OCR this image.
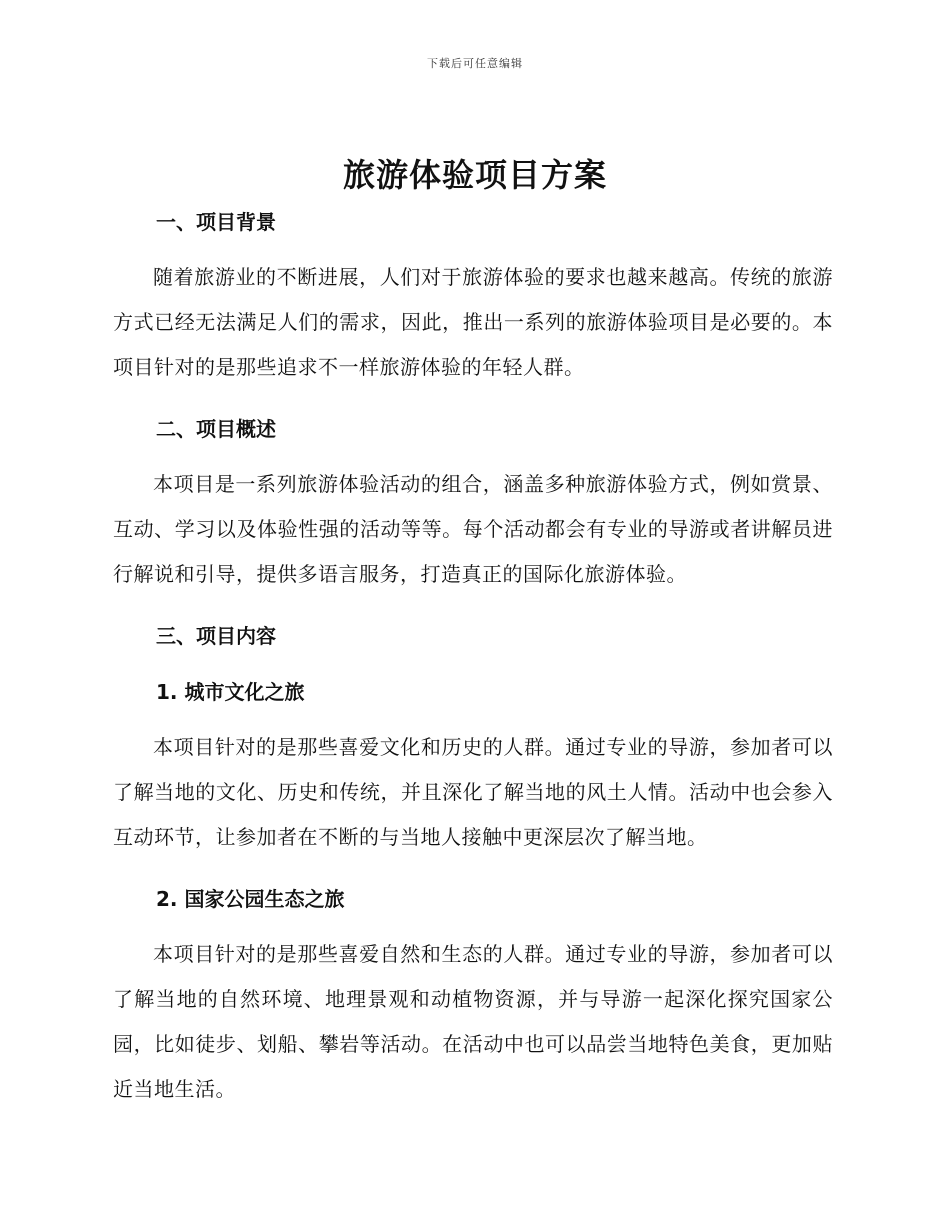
下载后可任意编辑
旅游体验项目方案
一、项目背景
随着旅游业的不断进展，人们对于旅游体验的要求也越来越高。传统的旅游方式已经无法满足人们的需求，因此，推出一系列的旅游体验项目是必要的。本项目针对的是那些追求不一样旅游体验的年轻人群。
二、项目概述
本项目是一系列旅游体验活动的组合，涵盖多种旅游体验方式，例如赏景、互动、学习以及体验性强的活动等等。每个活动都会有专业的导游或者讲解员进行解说和引导，提供多语言服务，打造真正的国际化旅游体验。
三、项目内容
1. 城市文化之旅
本项目针对的是那些喜爱文化和历史的人群。通过专业的导游，参加者可以了解当地的文化、历史和传统，并且深化了解当地的风土人情。活动中也会参入互动环节，让参加者在不断的与当地人接触中更深层次了解当地。
2. 国家公园生态之旅
本项目针对的是那些喜爱自然和生态的人群。通过专业的导游，参加者可以了解当地的自然环境、地理景观和动植物资源，并与导游一起深化探究国家公园，比如徒步、划船、攀岩等活动。在活动中也可以品尝当地特色美食，更加贴近当地生活。
